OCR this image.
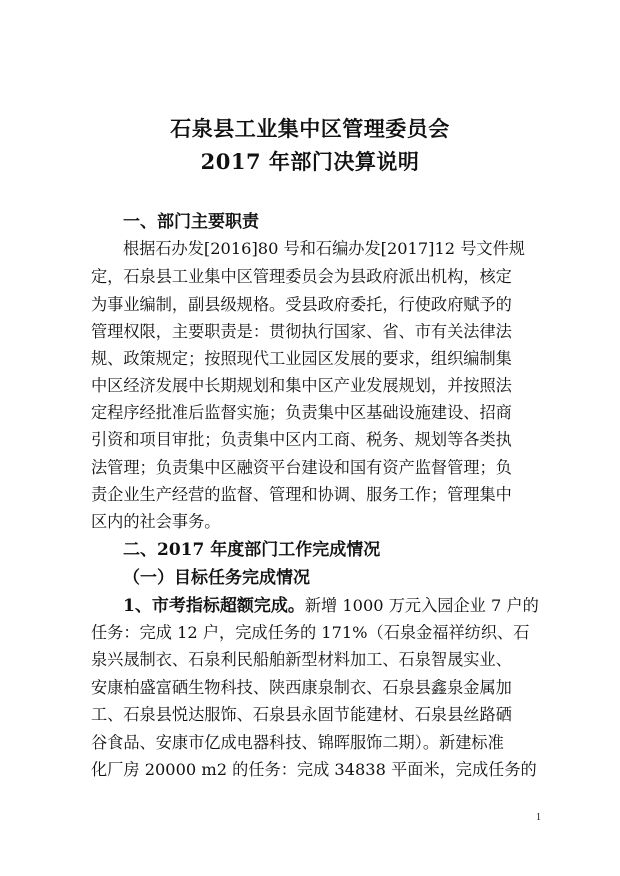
石泉县工业集中区管理委员会
2017 年部门决算说明
一、部门主要职责
根据石办发[2016]80 号和石编办发[2017]12 号文件规
定，石泉县工业集中区管理委员会为县政府派出机构，核定
为事业编制，副县级规格。受县政府委托，行使政府赋予的
管理权限，主要职责是：贯彻执行国家、省、市有关法律法
规、政策规定；按照现代工业园区发展的要求，组织编制集
中区经济发展中长期规划和集中区产业发展规划，并按照法
定程序经批准后监督实施；负责集中区基础设施建设、招商
引资和项目审批；负责集中区内工商、税务、规划等各类执
法管理；负责集中区融资平台建设和国有资产监督管理；负
责企业生产经营的监督、管理和协调、服务工作；管理集中
区内的社会事务。
二、2017 年度部门工作完成情况
（一）目标任务完成情况
1、市考指标超额完成。新增 1000 万元入园企业 7 户的
任务：完成 12 户，完成任务的 171%（石泉金福祥纺织、石
泉兴晟制衣、石泉利民船舶新型材料加工、石泉智晟实业、
安康柏盛富硒生物科技、陕西康泉制衣、石泉县鑫泉金属加
工、石泉县悦达服饰、石泉县永固节能建材、石泉县丝路硒
谷食品、安康市亿成电器科技、锦晖服饰二期）。新建标准
化厂房 20000 m2 的任务：完成 34838 平面米，完成任务的
1
